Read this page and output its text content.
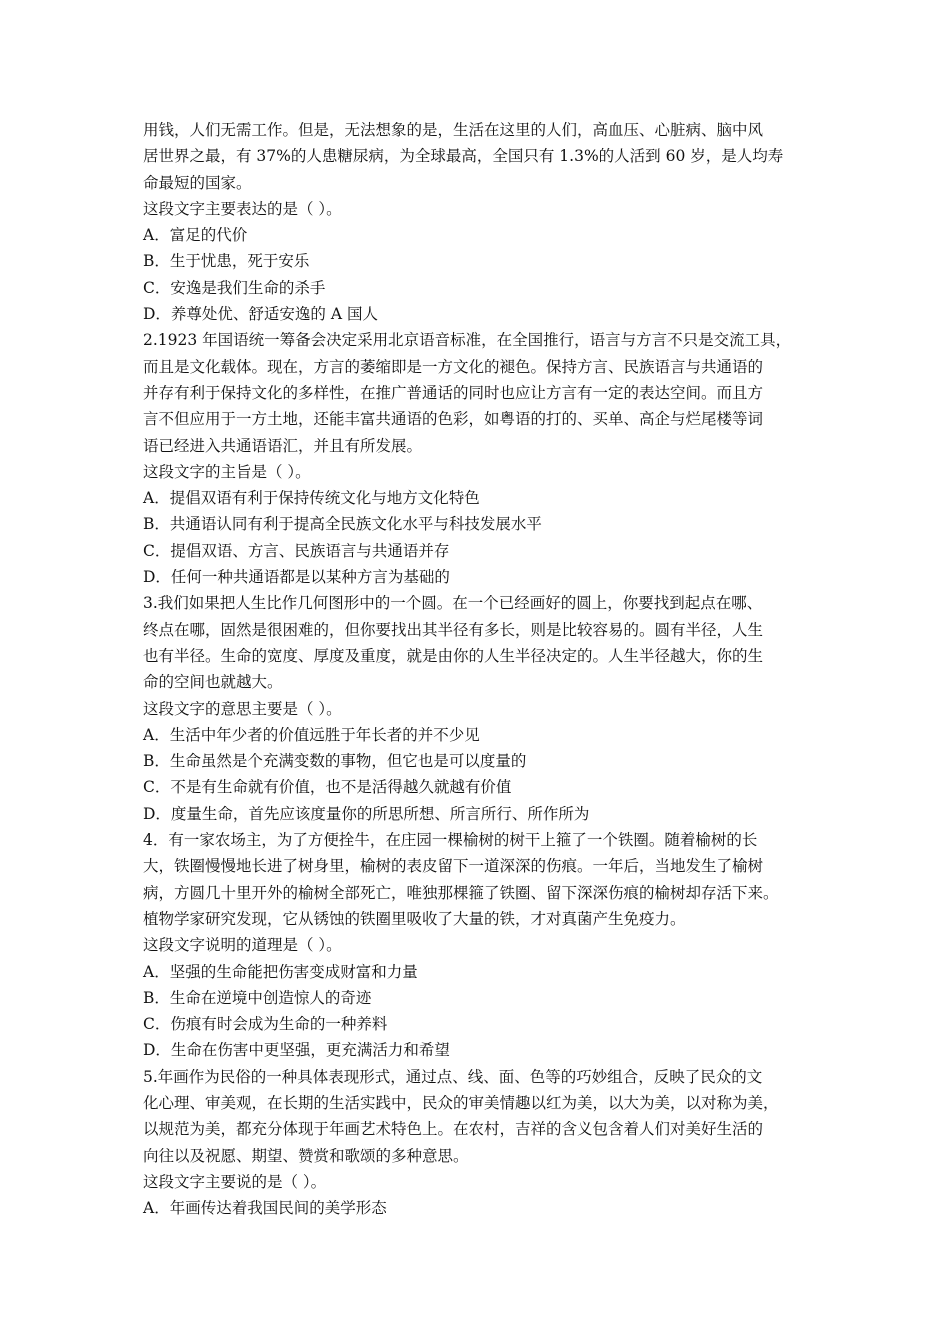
用钱，人们无需工作。但是，无法想象的是，生活在这里的人们，高血压、心脏病、脑中风
居世界之最，有 37%的人患糖尿病，为全球最高，全国只有 1.3%的人活到 60 岁，是人均寿
命最短的国家。
这段文字主要表达的是（ ）。
A．富足的代价
B．生于忧患，死于安乐
C．安逸是我们生命的杀手
D．养尊处优、舒适安逸的 A 国人
2.1923 年国语统一筹备会决定采用北京语音标准，在全国推行，语言与方言不只是交流工具，
而且是文化载体。现在，方言的萎缩即是一方文化的褪色。保持方言、民族语言与共通语的
并存有利于保持文化的多样性，在推广普通话的同时也应让方言有一定的表达空间。而且方
言不但应用于一方土地，还能丰富共通语的色彩，如粤语的打的、买单、高企与烂尾楼等词
语已经进入共通语语汇，并且有所发展。
这段文字的主旨是（ ）。
A．提倡双语有利于保持传统文化与地方文化特色
B．共通语认同有利于提高全民族文化水平与科技发展水平
C．提倡双语、方言、民族语言与共通语并存
D．任何一种共通语都是以某种方言为基础的
3.我们如果把人生比作几何图形中的一个圆。在一个已经画好的圆上，你要找到起点在哪、
终点在哪，固然是很困难的，但你要找出其半径有多长，则是比较容易的。圆有半径，人生
也有半径。生命的宽度、厚度及重度，就是由你的人生半径决定的。人生半径越大，你的生
命的空间也就越大。
这段文字的意思主要是（ ）。
A．生活中年少者的价值远胜于年长者的并不少见
B．生命虽然是个充满变数的事物，但它也是可以度量的
C．不是有生命就有价值，也不是活得越久就越有价值
D．度量生命，首先应该度量你的所思所想、所言所行、所作所为
4．有一家农场主，为了方便拴牛，在庄园一棵榆树的树干上箍了一个铁圈。随着榆树的长
大，铁圈慢慢地长进了树身里，榆树的表皮留下一道深深的伤痕。一年后，当地发生了榆树
病，方圆几十里开外的榆树全部死亡，唯独那棵箍了铁圈、留下深深伤痕的榆树却存活下来。
植物学家研究发现，它从锈蚀的铁圈里吸收了大量的铁，才对真菌产生免疫力。
这段文字说明的道理是（ ）。
A．坚强的生命能把伤害变成财富和力量
B．生命在逆境中创造惊人的奇迹
C．伤痕有时会成为生命的一种养料
D．生命在伤害中更坚强，更充满活力和希望
5.年画作为民俗的一种具体表现形式，通过点、线、面、色等的巧妙组合，反映了民众的文
化心理、审美观，在长期的生活实践中，民众的审美情趣以红为美，以大为美，以对称为美，
以规范为美，都充分体现于年画艺术特色上。在农村，吉祥的含义包含着人们对美好生活的
向往以及祝愿、期望、赞赏和歌颂的多种意思。
这段文字主要说的是（ ）。
A．年画传达着我国民间的美学形态
